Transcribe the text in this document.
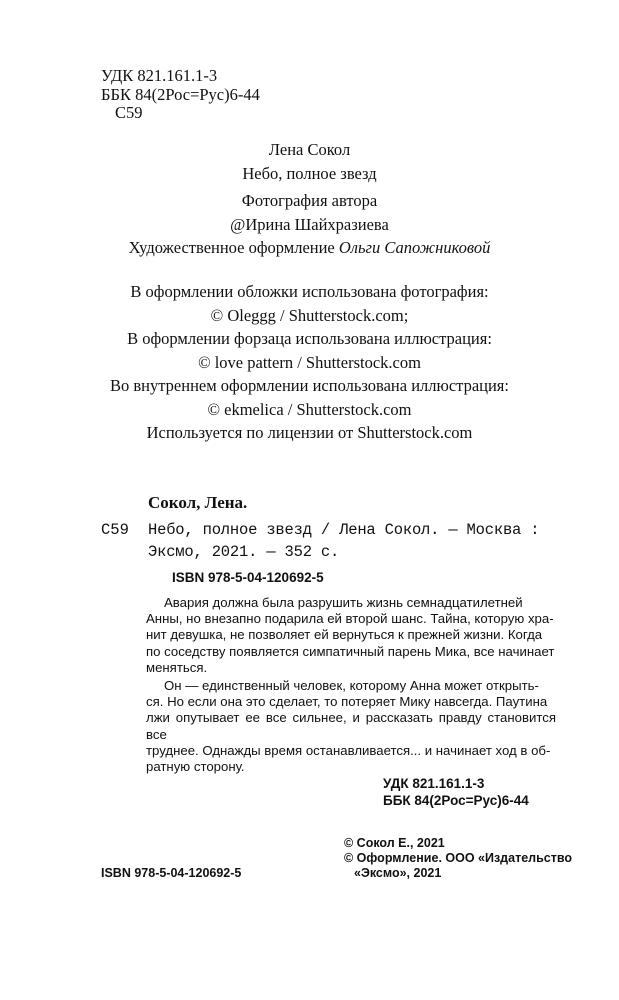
УДК 821.161.1-3
ББК 84(2Рос=Рус)6-44
С59
Лена Сокол
Небо, полное звезд
Фотография автора
@Ирина Шайхразиева
Художественное оформление Ольги Сапожниковой
В оформлении обложки использована фотография:
© Oleggg / Shutterstock.com;
В оформлении форзаца использована иллюстрация:
© love pattern / Shutterstock.com
Во внутреннем оформлении использована иллюстрация:
© ekmelica / Shutterstock.com
Используется по лицензии от Shutterstock.com
Сокол, Лена.
С59 Небо, полное звезд / Лена Сокол. — Москва :
Эксмо, 2021. — 352 с.
ISBN 978-5-04-120692-5
Авария должна была разрушить жизнь семнадцатилетней
Анны, но внезапно подарила ей второй шанс. Тайна, которую хра-
нит девушка, не позволяет ей вернуться к прежней жизни. Когда
по соседству появляется симпатичный парень Мика, все начинает
меняться.
Он — единственный человек, которому Анна может открыть-
ся. Но если она это сделает, то потеряет Мику навсегда. Паутина
лжи опутывает ее все сильнее, и рассказать правду становится все
труднее. Однажды время останавливается... и начинает ход в об-
ратную сторону.
УДК 821.161.1-3
ББК 84(2Рос=Рус)6-44
© Сокол Е., 2021
© Оформление. ООО «Издательство
«Эксмо», 2021
ISBN 978-5-04-120692-5
